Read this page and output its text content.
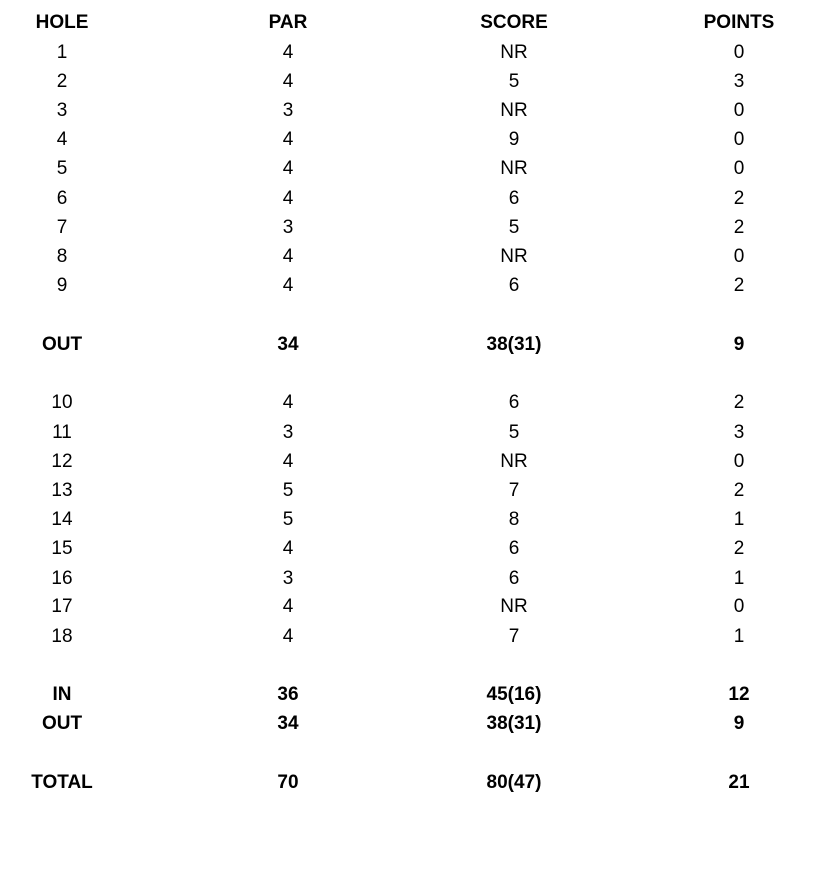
HOLE	PAR	SCORE	POINTS
1	4	NR	0
2	4	5	3
3	3	NR	0
4	4	9	0
5	4	NR	0
6	4	6	2
7	3	5	2
8	4	NR	0
9	4	6	2
OUT	34	38(31)	9
10	4	6	2
11	3	5	3
12	4	NR	0
13	5	7	2
14	5	8	1
15	4	6	2
16	3	6	1
17	4	NR	0
18	4	7	1
IN	36	45(16)	12
OUT	34	38(31)	9
TOTAL	70	80(47)	21
